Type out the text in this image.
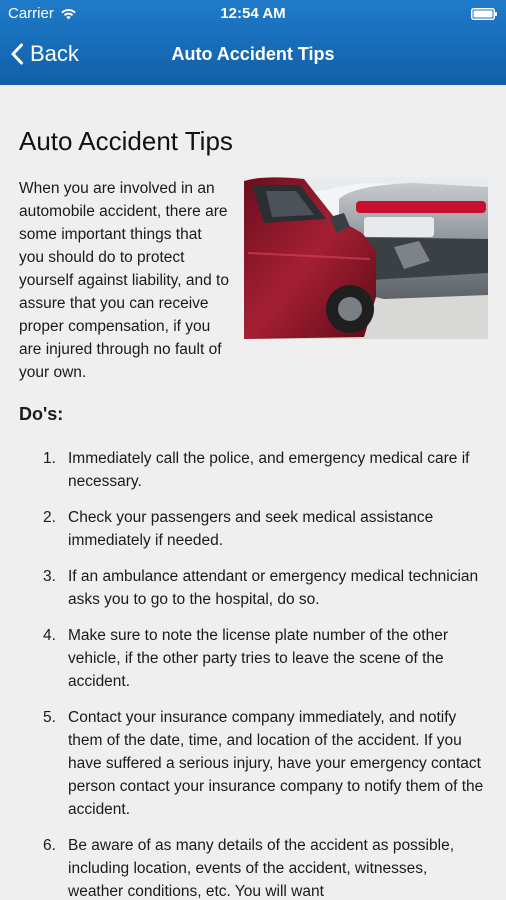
Carrier	12:54 AM
Back	Auto Accident Tips
Auto Accident Tips

When you are involved in an automobile accident, there are some important things that you should do to protect yourself against liability, and to assure that you can receive proper compensation, if you are injured through no fault of your own.

Do's:
1. Immediately call the police, and emergency medical care if necessary.
2. Check your passengers and seek medical assistance immediately if needed.
3. If an ambulance attendant or emergency medical technician asks you to go to the hospital, do so.
4. Make sure to note the license plate number of the other vehicle, if the other party tries to leave the scene of the accident.
5. Contact your insurance company immediately, and notify them of the date, time, and location of the accident. If you have suffered a serious injury, have your emergency contact person contact your insurance company to notify them of the accident.
6. Be aware of as many details of the accident as possible, including location, events of the accident, witnesses, weather conditions, etc. You will want
